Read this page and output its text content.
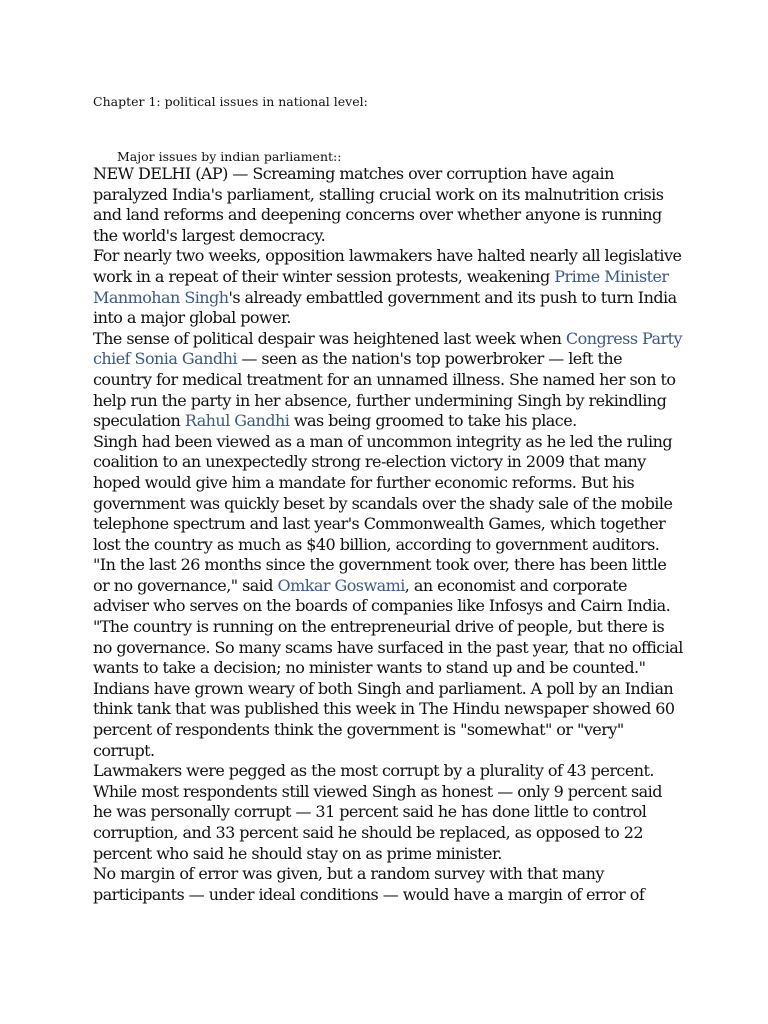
Chapter 1: political issues in national level:
Major issues by indian parliament::

NEW DELHI (AP) — Screaming matches over corruption have again paralyzed India's parliament, stalling crucial work on its malnutrition crisis and land reforms and deepening concerns over whether anyone is running the world's largest democracy.

For nearly two weeks, opposition lawmakers have halted nearly all legislative work in a repeat of their winter session protests, weakening Prime Minister Manmohan Singh's already embattled government and its push to turn India into a major global power.

The sense of political despair was heightened last week when Congress Party chief Sonia Gandhi — seen as the nation's top powerbroker — left the country for medical treatment for an unnamed illness. She named her son to help run the party in her absence, further undermining Singh by rekindling speculation Rahul Gandhi was being groomed to take his place.

Singh had been viewed as a man of uncommon integrity as he led the ruling coalition to an unexpectedly strong re-election victory in 2009 that many hoped would give him a mandate for further economic reforms. But his government was quickly beset by scandals over the shady sale of the mobile telephone spectrum and last year's Commonwealth Games, which together lost the country as much as $40 billion, according to government auditors.

"In the last 26 months since the government took over, there has been little or no governance," said Omkar Goswami, an economist and corporate adviser who serves on the boards of companies like Infosys and Cairn India.

"The country is running on the entrepreneurial drive of people, but there is no governance. So many scams have surfaced in the past year, that no official wants to take a decision; no minister wants to stand up and be counted."

Indians have grown weary of both Singh and parliament. A poll by an Indian think tank that was published this week in The Hindu newspaper showed 60 percent of respondents think the government is "somewhat" or "very" corrupt.

Lawmakers were pegged as the most corrupt by a plurality of 43 percent. While most respondents still viewed Singh as honest — only 9 percent said he was personally corrupt — 31 percent said he has done little to control corruption, and 33 percent said he should be replaced, as opposed to 22 percent who said he should stay on as prime minister.

No margin of error was given, but a random survey with that many participants — under ideal conditions — would have a margin of error of
